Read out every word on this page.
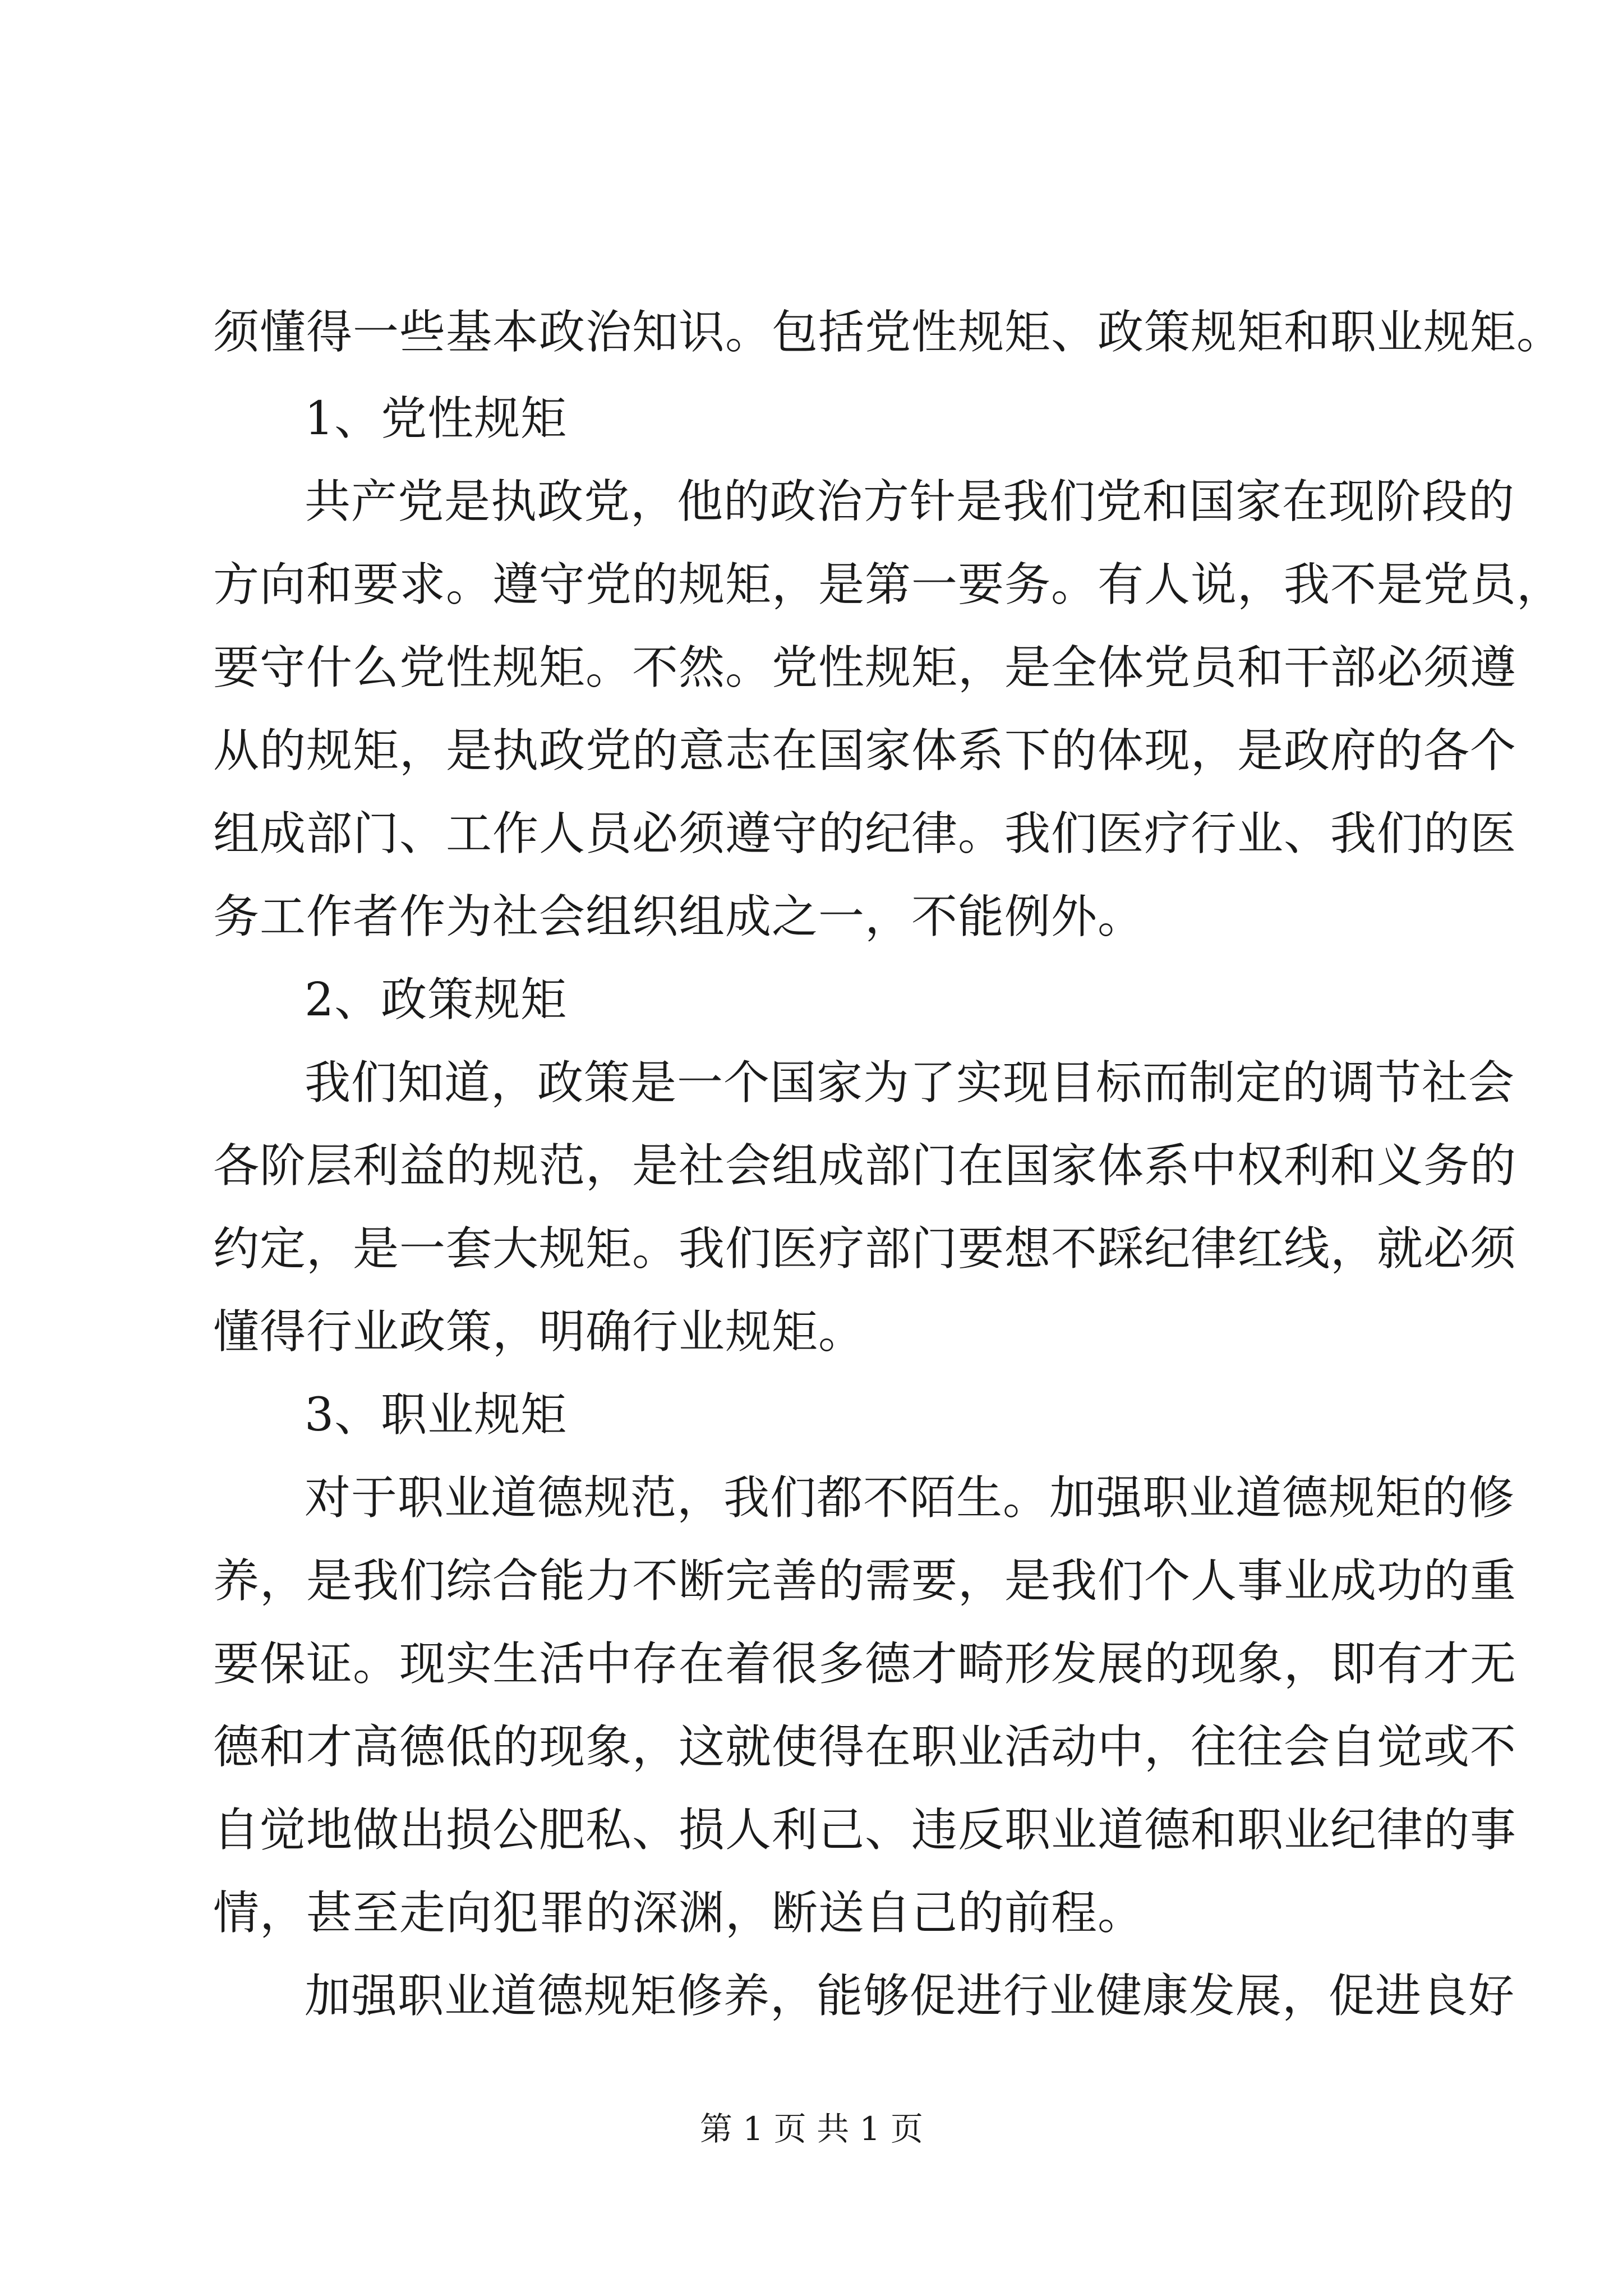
须懂得一些基本政治知识。包括党性规矩、政策规矩和职业规矩。
1、党性规矩
共产党是执政党，他的政治方针是我们党和国家在现阶段的
方向和要求。遵守党的规矩，是第一要务。有人说，我不是党员，
要守什么党性规矩。不然。党性规矩，是全体党员和干部必须遵
从的规矩，是执政党的意志在国家体系下的体现，是政府的各个
组成部门、工作人员必须遵守的纪律。我们医疗行业、我们的医
务工作者作为社会组织组成之一，不能例外。
2、政策规矩
我们知道，政策是一个国家为了实现目标而制定的调节社会
各阶层利益的规范，是社会组成部门在国家体系中权利和义务的
约定，是一套大规矩。我们医疗部门要想不踩纪律红线，就必须
懂得行业政策，明确行业规矩。
3、职业规矩
对于职业道德规范，我们都不陌生。加强职业道德规矩的修
养，是我们综合能力不断完善的需要，是我们个人事业成功的重
要保证。现实生活中存在着很多德才畸形发展的现象，即有才无
德和才高德低的现象，这就使得在职业活动中，往往会自觉或不
自觉地做出损公肥私、损人利己、违反职业道德和职业纪律的事
情，甚至走向犯罪的深渊，断送自己的前程。
加强职业道德规矩修养，能够促进行业健康发展，促进良好
第 1 页 共 1 页
